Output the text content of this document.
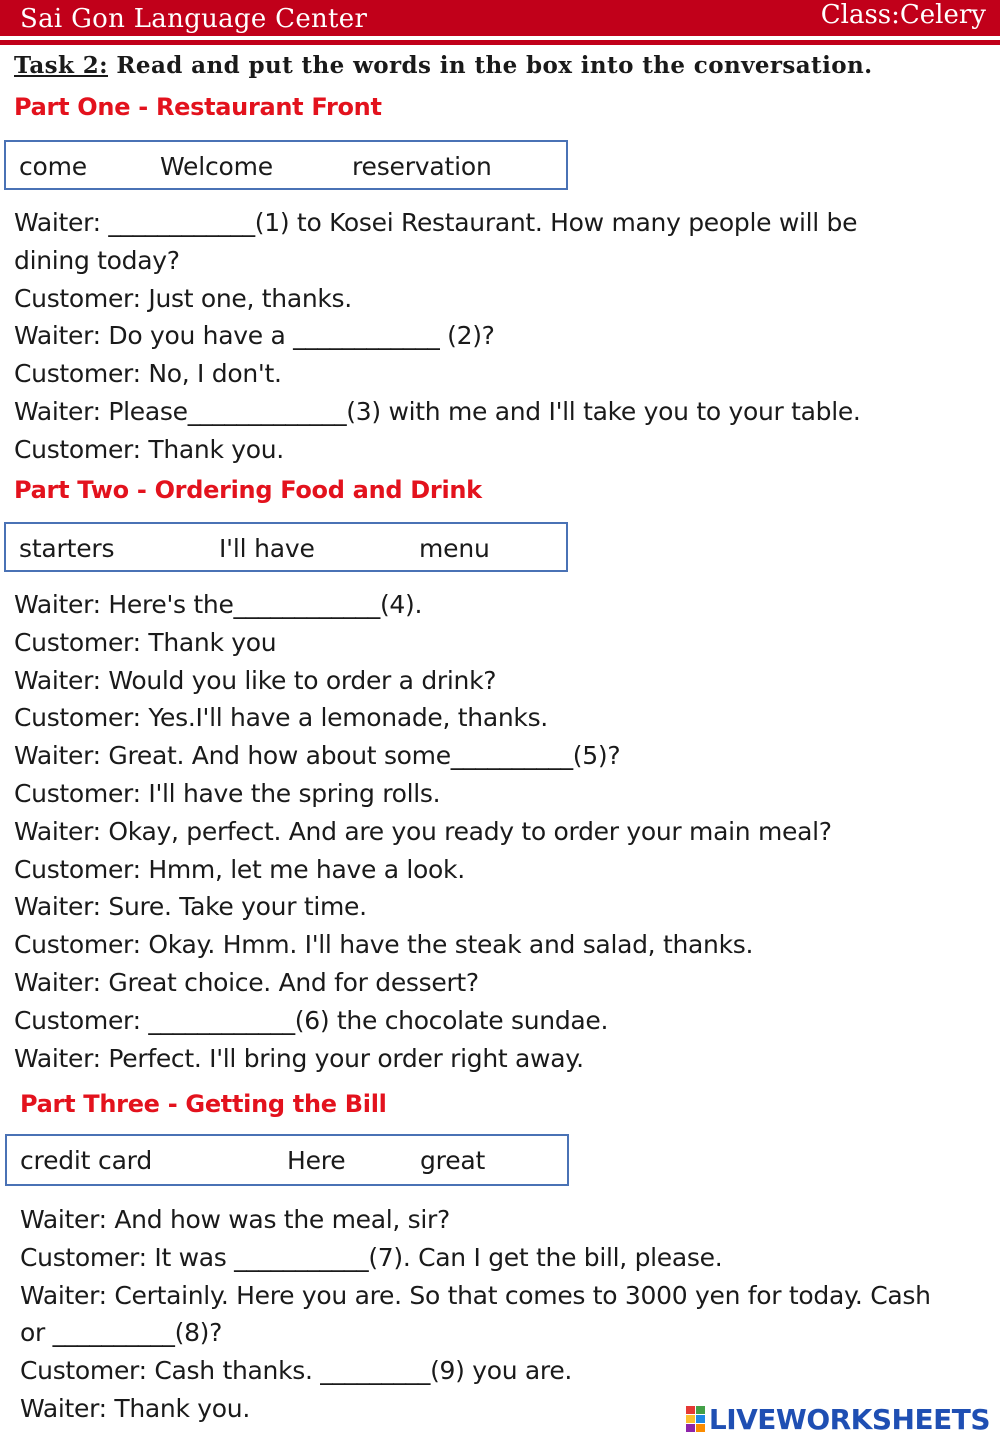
Sai Gon Language Center	Class:Celery
Task 2: Read and put the words in the box into the conversation.
Part One - Restaurant Front
come	Welcome	reservation
Waiter: ____________(1) to Kosei Restaurant. How many people will be
dining today?
Customer: Just one, thanks.
Waiter: Do you have a ____________ (2)?
Customer: No, I don't.
Waiter: Please_____________(3) with me and I'll take you to your table.
Customer: Thank you.
Part Two - Ordering Food and Drink
starters	I'll have	menu
Waiter: Here's the____________(4).
Customer: Thank you
Waiter: Would you like to order a drink?
Customer: Yes.I'll have a lemonade, thanks.
Waiter: Great. And how about some__________(5)?
Customer: I'll have the spring rolls.
Waiter: Okay, perfect. And are you ready to order your main meal?
Customer: Hmm, let me have a look.
Waiter: Sure. Take your time.
Customer: Okay. Hmm. I'll have the steak and salad, thanks.
Waiter: Great choice. And for dessert?
Customer: ____________(6) the chocolate sundae.
Waiter: Perfect. I'll bring your order right away.
Part Three - Getting the Bill
credit card	Here	great
Waiter: And how was the meal, sir?
Customer: It was ___________(7). Can I get the bill, please.
Waiter: Certainly. Here you are. So that comes to 3000 yen for today. Cash
or __________(8)?
Customer: Cash thanks. _________(9) you are.
Waiter: Thank you.	LIVEWORKSHEETS
